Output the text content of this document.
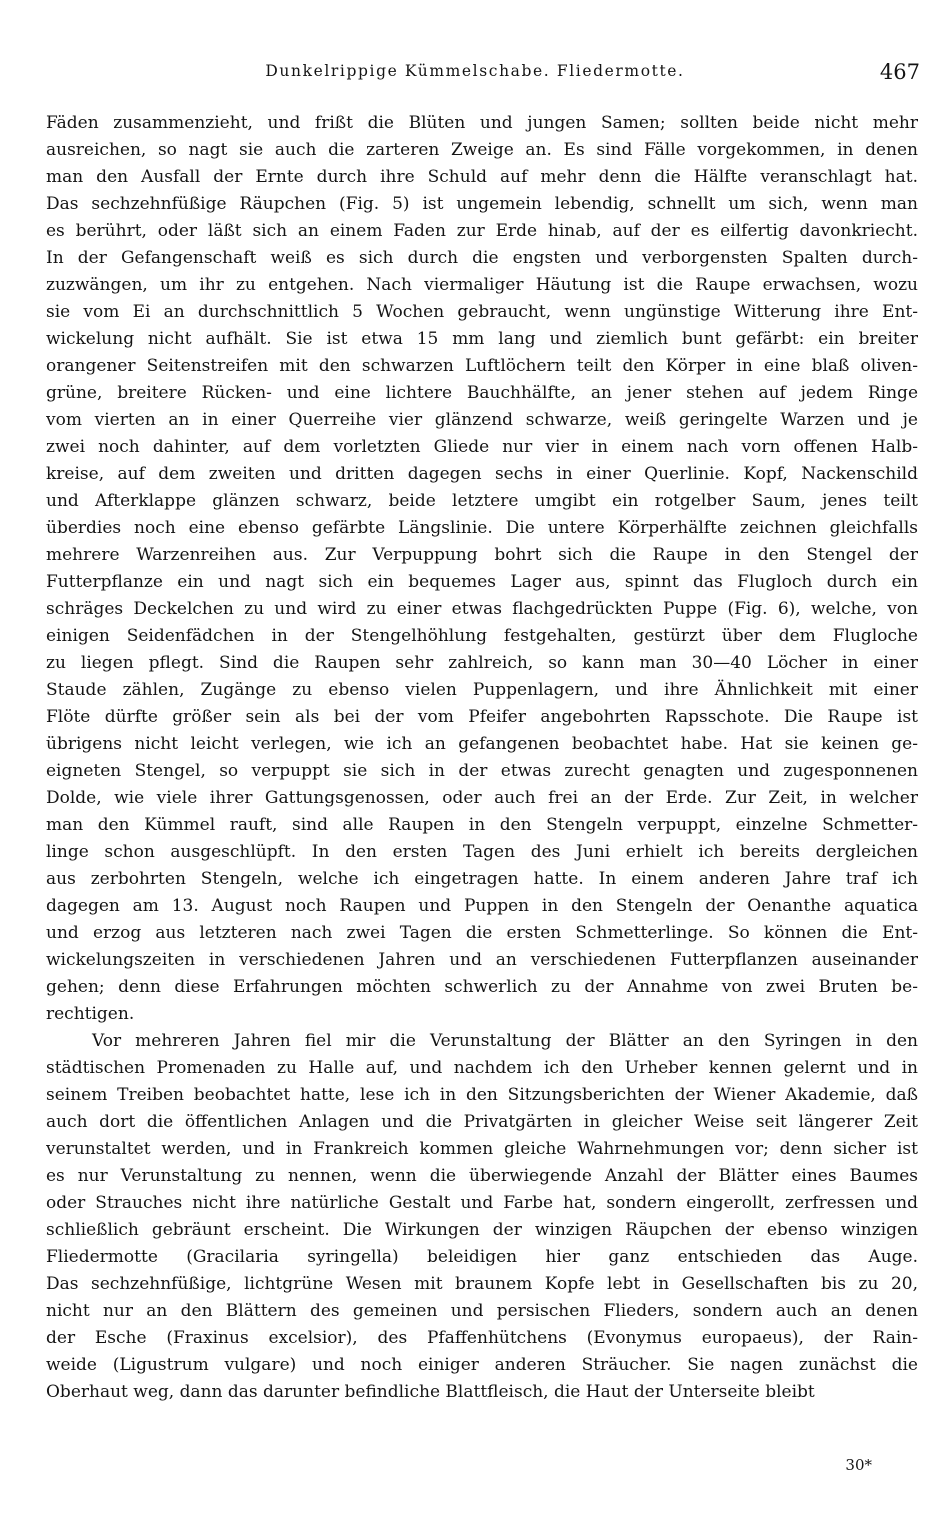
Dunkelrippige Kümmelschabe. Fliedermotte.	467
Fäden zusammenzieht, und frißt die Blüten und jungen Samen; sollten beide nicht mehr
ausreichen, so nagt sie auch die zarteren Zweige an. Es sind Fälle vorgekommen, in denen
man den Ausfall der Ernte durch ihre Schuld auf mehr denn die Hälfte veranschlagt hat.
Das sechzehnfüßige Räupchen (Fig. 5) ist ungemein lebendig, schnellt um sich, wenn man
es berührt, oder läßt sich an einem Faden zur Erde hinab, auf der es eilfertig davonkriecht.
In der Gefangenschaft weiß es sich durch die engsten und verborgensten Spalten durch-
zuzwängen, um ihr zu entgehen. Nach viermaliger Häutung ist die Raupe erwachsen, wozu
sie vom Ei an durchschnittlich 5 Wochen gebraucht, wenn ungünstige Witterung ihre Ent-
wickelung nicht aufhält. Sie ist etwa 15 mm lang und ziemlich bunt gefärbt: ein breiter
orangener Seitenstreifen mit den schwarzen Luftlöchern teilt den Körper in eine blaß oliven-
grüne, breitere Rücken- und eine lichtere Bauchhälfte, an jener stehen auf jedem Ringe
vom vierten an in einer Querreihe vier glänzend schwarze, weiß geringelte Warzen und je
zwei noch dahinter, auf dem vorletzten Gliede nur vier in einem nach vorn offenen Halb-
kreise, auf dem zweiten und dritten dagegen sechs in einer Querlinie. Kopf, Nackenschild
und Afterklappe glänzen schwarz, beide letztere umgibt ein rotgelber Saum, jenes teilt
überdies noch eine ebenso gefärbte Längslinie. Die untere Körperhälfte zeichnen gleichfalls
mehrere Warzenreihen aus. Zur Verpuppung bohrt sich die Raupe in den Stengel der
Futterpflanze ein und nagt sich ein bequemes Lager aus, spinnt das Flugloch durch ein
schräges Deckelchen zu und wird zu einer etwas flachgedrückten Puppe (Fig. 6), welche, von
einigen Seidenfädchen in der Stengelhöhlung festgehalten, gestürzt über dem Flugloche
zu liegen pflegt. Sind die Raupen sehr zahlreich, so kann man 30—40 Löcher in einer
Staude zählen, Zugänge zu ebenso vielen Puppenlagern, und ihre Ähnlichkeit mit einer
Flöte dürfte größer sein als bei der vom Pfeifer angebohrten Rapsschote. Die Raupe ist
übrigens nicht leicht verlegen, wie ich an gefangenen beobachtet habe. Hat sie keinen ge-
eigneten Stengel, so verpuppt sie sich in der etwas zurecht genagten und zugesponnenen
Dolde, wie viele ihrer Gattungsgenossen, oder auch frei an der Erde. Zur Zeit, in welcher
man den Kümmel rauft, sind alle Raupen in den Stengeln verpuppt, einzelne Schmetter-
linge schon ausgeschlüpft. In den ersten Tagen des Juni erhielt ich bereits dergleichen
aus zerbohrten Stengeln, welche ich eingetragen hatte. In einem anderen Jahre traf ich
dagegen am 13. August noch Raupen und Puppen in den Stengeln der Oenanthe aquatica
und erzog aus letzteren nach zwei Tagen die ersten Schmetterlinge. So können die Ent-
wickelungszeiten in verschiedenen Jahren und an verschiedenen Futterpflanzen auseinander
gehen; denn diese Erfahrungen möchten schwerlich zu der Annahme von zwei Bruten be-
rechtigen.
Vor mehreren Jahren fiel mir die Verunstaltung der Blätter an den Syringen in den
städtischen Promenaden zu Halle auf, und nachdem ich den Urheber kennen gelernt und in
seinem Treiben beobachtet hatte, lese ich in den Sitzungsberichten der Wiener Akademie, daß
auch dort die öffentlichen Anlagen und die Privatgärten in gleicher Weise seit längerer Zeit
verunstaltet werden, und in Frankreich kommen gleiche Wahrnehmungen vor; denn sicher ist
es nur Verunstaltung zu nennen, wenn die überwiegende Anzahl der Blätter eines Baumes
oder Strauches nicht ihre natürliche Gestalt und Farbe hat, sondern eingerollt, zerfressen und
schließlich gebräunt erscheint. Die Wirkungen der winzigen Räupchen der ebenso winzigen
Fliedermotte (Gracilaria syringella) beleidigen hier ganz entschieden das Auge.
Das sechzehnfüßige, lichtgrüne Wesen mit braunem Kopfe lebt in Gesellschaften bis zu 20,
nicht nur an den Blättern des gemeinen und persischen Flieders, sondern auch an denen
der Esche (Fraxinus excelsior), des Pfaffenhütchens (Evonymus europaeus), der Rain-
weide (Ligustrum vulgare) und noch einiger anderen Sträucher. Sie nagen zunächst die
Oberhaut weg, dann das darunter befindliche Blattfleisch, die Haut der Unterseite bleibt
30*
